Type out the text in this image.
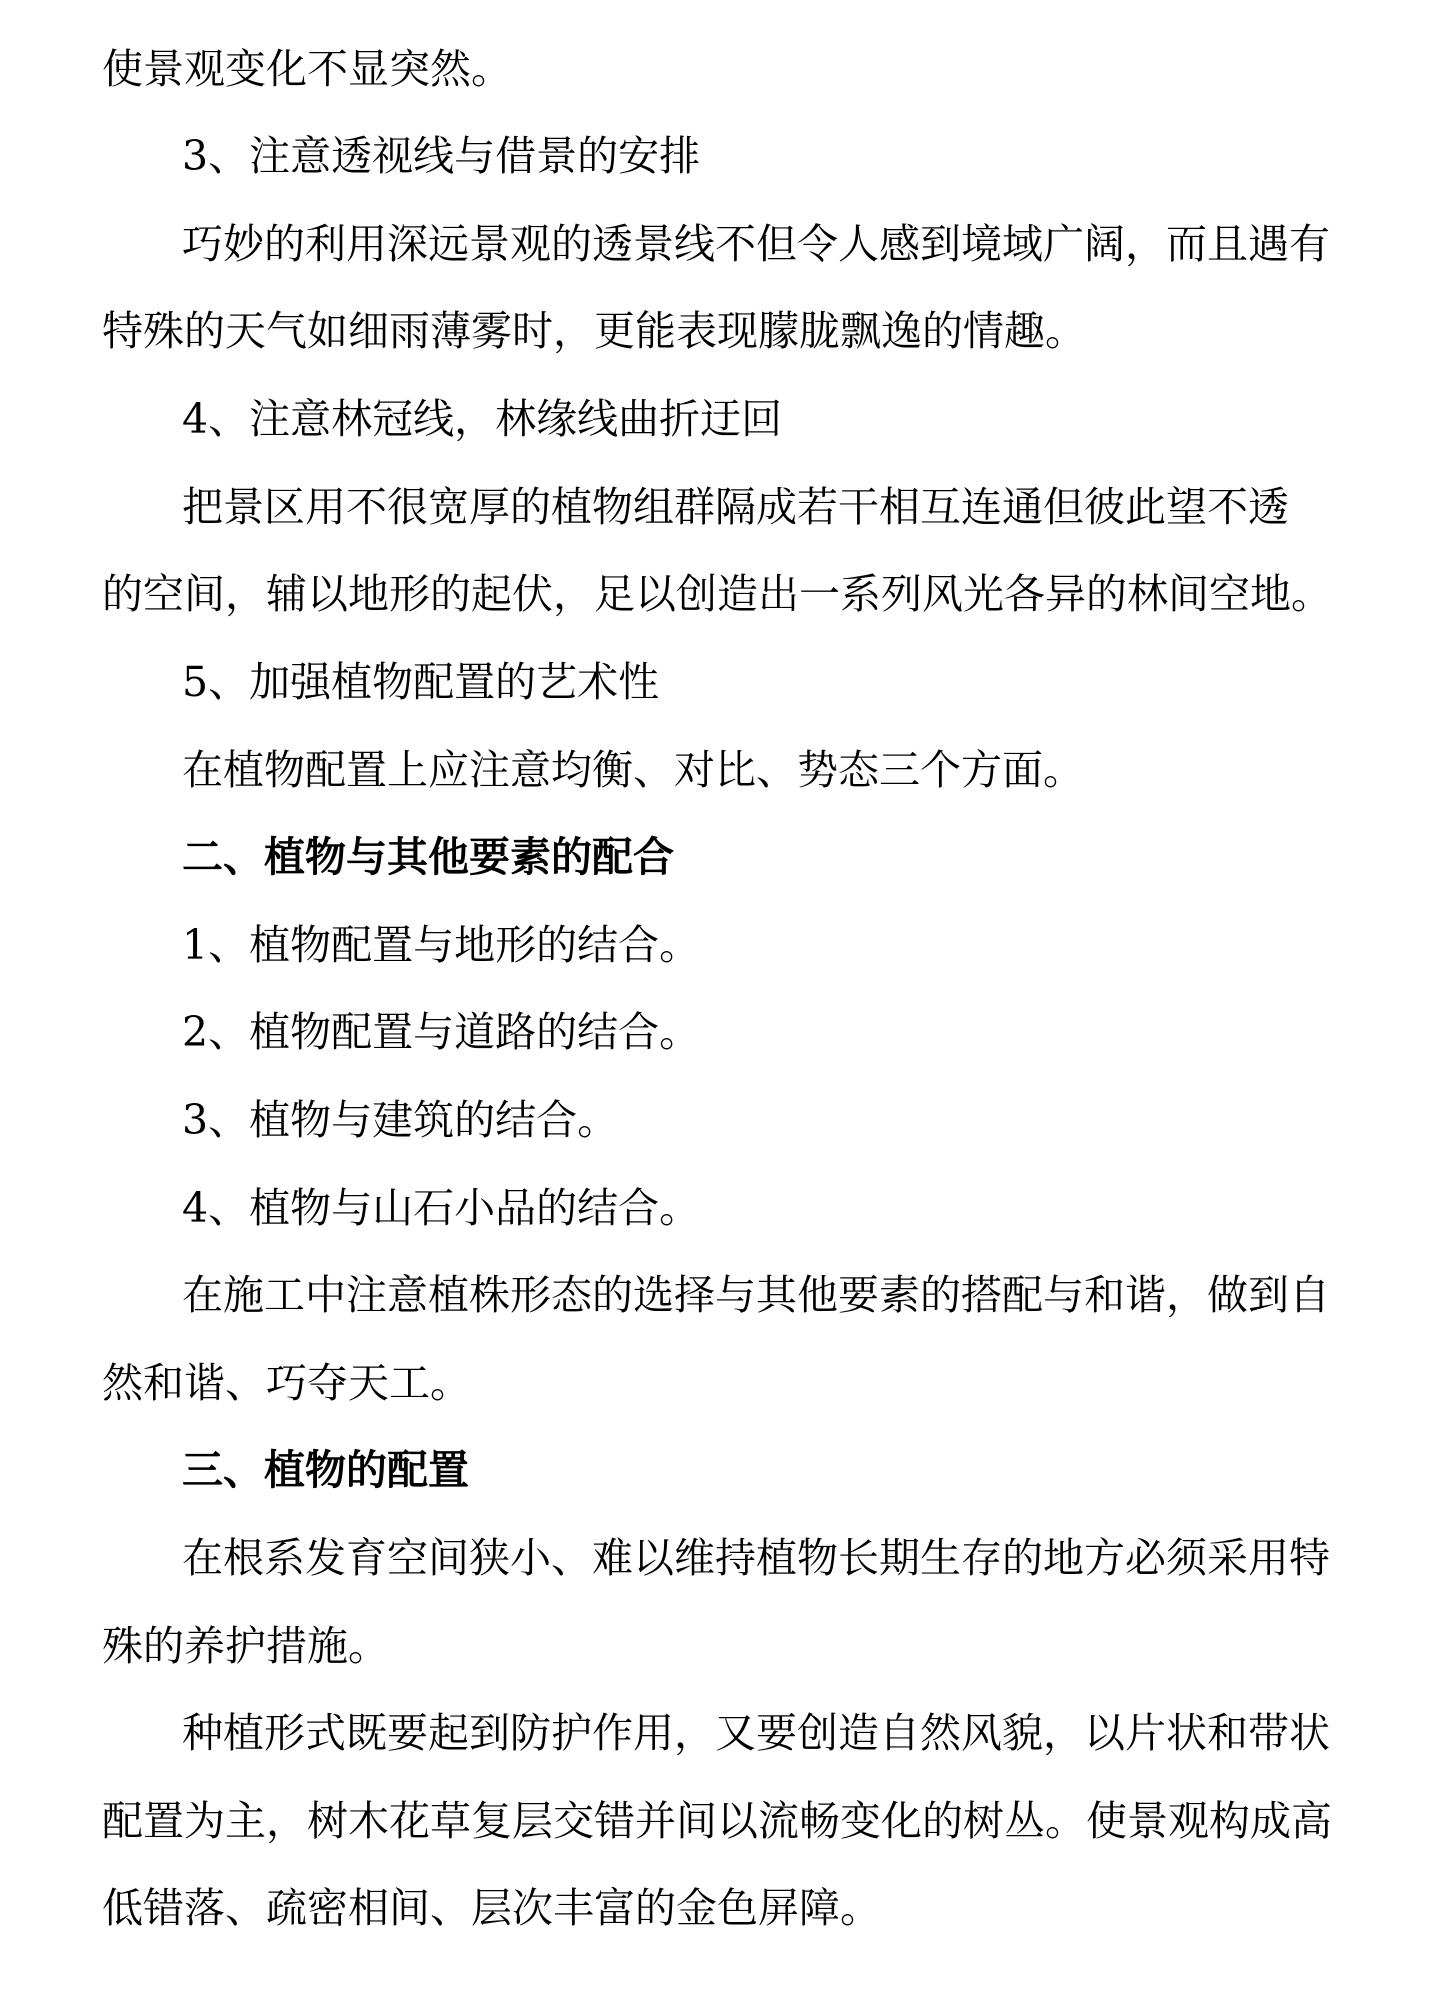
使景观变化不显突然。
3、注意透视线与借景的安排
巧妙的利用深远景观的透景线不但令人感到境域广阔，而且遇有
特殊的天气如细雨薄雾时，更能表现朦胧飘逸的情趣。
4、注意林冠线，林缘线曲折迂回
把景区用不很宽厚的植物组群隔成若干相互连通但彼此望不透
的空间，辅以地形的起伏，足以创造出一系列风光各异的林间空地。
5、加强植物配置的艺术性
在植物配置上应注意均衡、对比、势态三个方面。
二、植物与其他要素的配合
1、植物配置与地形的结合。
2、植物配置与道路的结合。
3、植物与建筑的结合。
4、植物与山石小品的结合。
在施工中注意植株形态的选择与其他要素的搭配与和谐，做到自
然和谐、巧夺天工。
三、植物的配置
在根系发育空间狭小、难以维持植物长期生存的地方必须采用特
殊的养护措施。
种植形式既要起到防护作用，又要创造自然风貌，以片状和带状
配置为主，树木花草复层交错并间以流畅变化的树丛。使景观构成高
低错落、疏密相间、层次丰富的金色屏障。
